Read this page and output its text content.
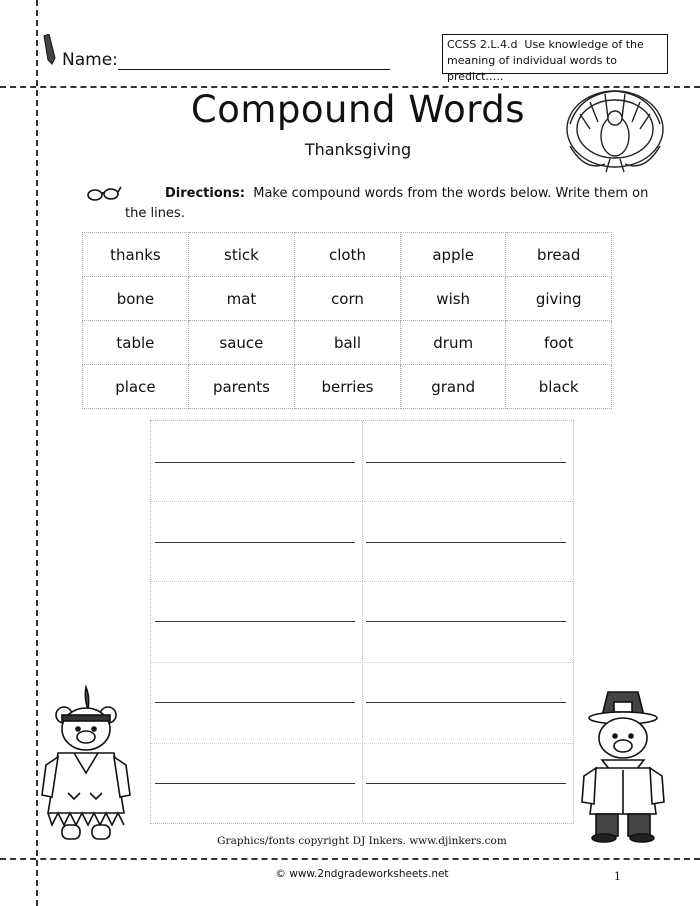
Name:
CCSS 2.L.4.d Use knowledge of the
meaning of individual words to predict…..
Compound Words
Thanksgiving
Directions: Make compound words from the words below. Write them on the lines.
thanks	stick	cloth	apple	bread
bone	mat	corn	wish	giving
table	sauce	ball	drum	foot
place	parents	berries	grand	black
Graphics/fonts copyright DJ Inkers. www.djinkers.com
© www.2ndgradeworksheets.net	1
